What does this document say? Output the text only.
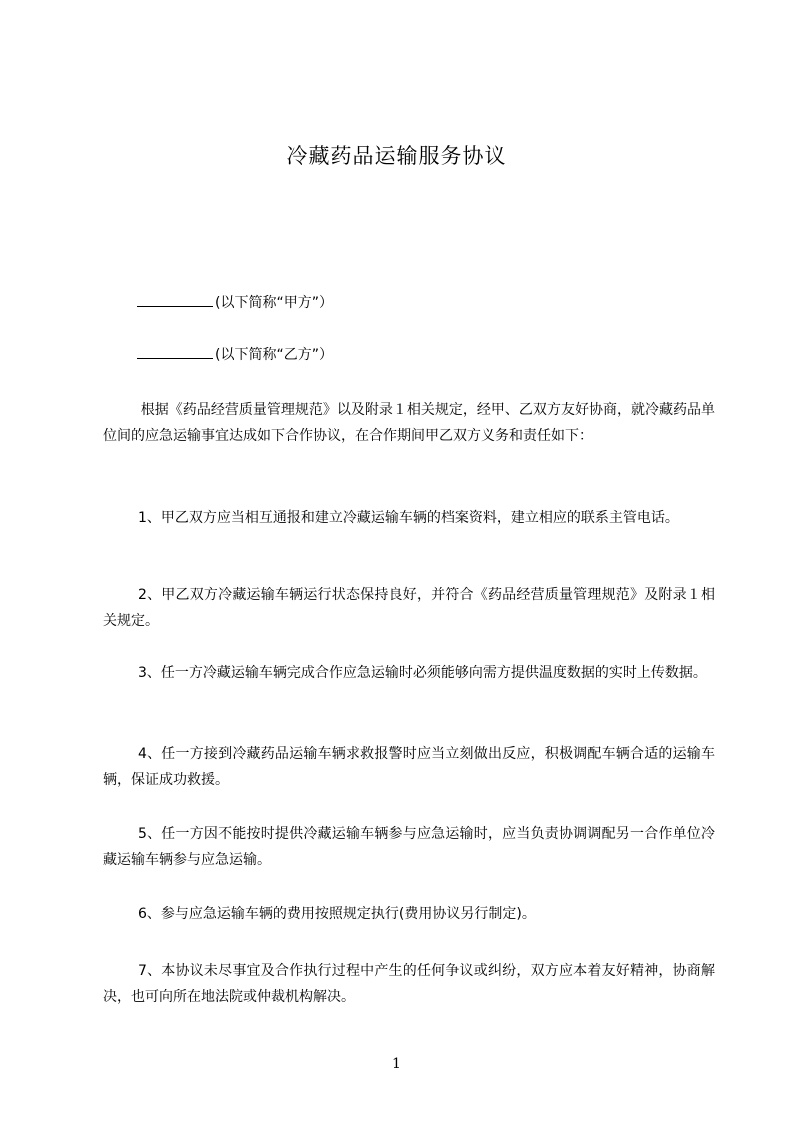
冷藏药品运输服务协议
(以下简称“甲方”）
(以下简称“乙方”）
根据《药品经营质量管理规范》以及附录１相关规定，经甲、乙双方友好协商，就冷藏药品单位间的应急运输事宜达成如下合作协议，在合作期间甲乙双方义务和责任如下：
1、甲乙双方应当相互通报和建立冷藏运输车辆的档案资料，建立相应的联系主管电话。
2、甲乙双方冷藏运输车辆运行状态保持良好，并符合《药品经营质量管理规范》及附录１相关规定。
3、任一方冷藏运输车辆完成合作应急运输时必须能够向需方提供温度数据的实时上传数据。
4、任一方接到冷藏药品运输车辆求救报警时应当立刻做出反应，积极调配车辆合适的运输车辆，保证成功救援。
5、任一方因不能按时提供冷藏运输车辆参与应急运输时，应当负责协调调配另一合作单位冷藏运输车辆参与应急运输。
6、参与应急运输车辆的费用按照规定执行(费用协议另行制定)。
7、本协议未尽事宜及合作执行过程中产生的任何争议或纠纷，双方应本着友好精神，协商解决，也可向所在地法院或仲裁机构解决。
1
